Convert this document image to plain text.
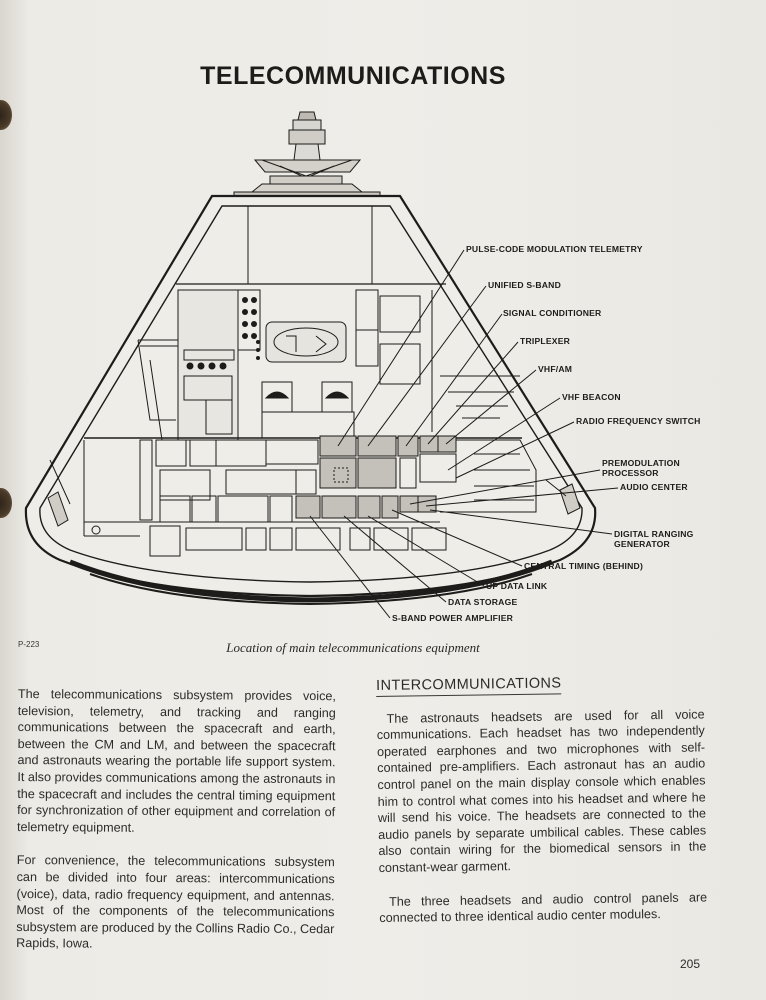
TELECOMMUNICATIONS
PULSE-CODE MODULATION TELEMETRY
UNIFIED S-BAND
SIGNAL CONDITIONER
TRIPLEXER
VHF/AM
VHF BEACON
RADIO FREQUENCY SWITCH
PREMODULATION
PROCESSOR
AUDIO CENTER
DIGITAL RANGING
GENERATOR
CENTRAL TIMING (BEHIND)
UP DATA LINK
DATA STORAGE
S-BAND POWER AMPLIFIER
P-223	Location of main telecommunications equipment

The telecommunications subsystem provides voice, television, telemetry, and tracking and ranging communications between the spacecraft and earth, between the CM and LM, and between the spacecraft and astronauts wearing the portable life support system. It also provides communications among the astronauts in the spacecraft and includes the central timing equipment for synchronization of other equipment and correlation of telemetry equipment.

For convenience, the telecommunications subsystem can be divided into four areas: intercommunications (voice), data, radio frequency equipment, and antennas. Most of the components of the telecommunications subsystem are produced by the Collins Radio Co., Cedar Rapids, Iowa.

INTERCOMMUNICATIONS

The astronauts headsets are used for all voice communications. Each headset has two independently operated earphones and two microphones with self-contained pre-amplifiers. Each astronaut has an audio control panel on the main display console which enables him to control what comes into his headset and where he will send his voice. The headsets are connected to the audio panels by separate umbilical cables. These cables also contain wiring for the biomedical sensors in the constant-wear garment.

The three headsets and audio control panels are connected to three identical audio center modules.

205
